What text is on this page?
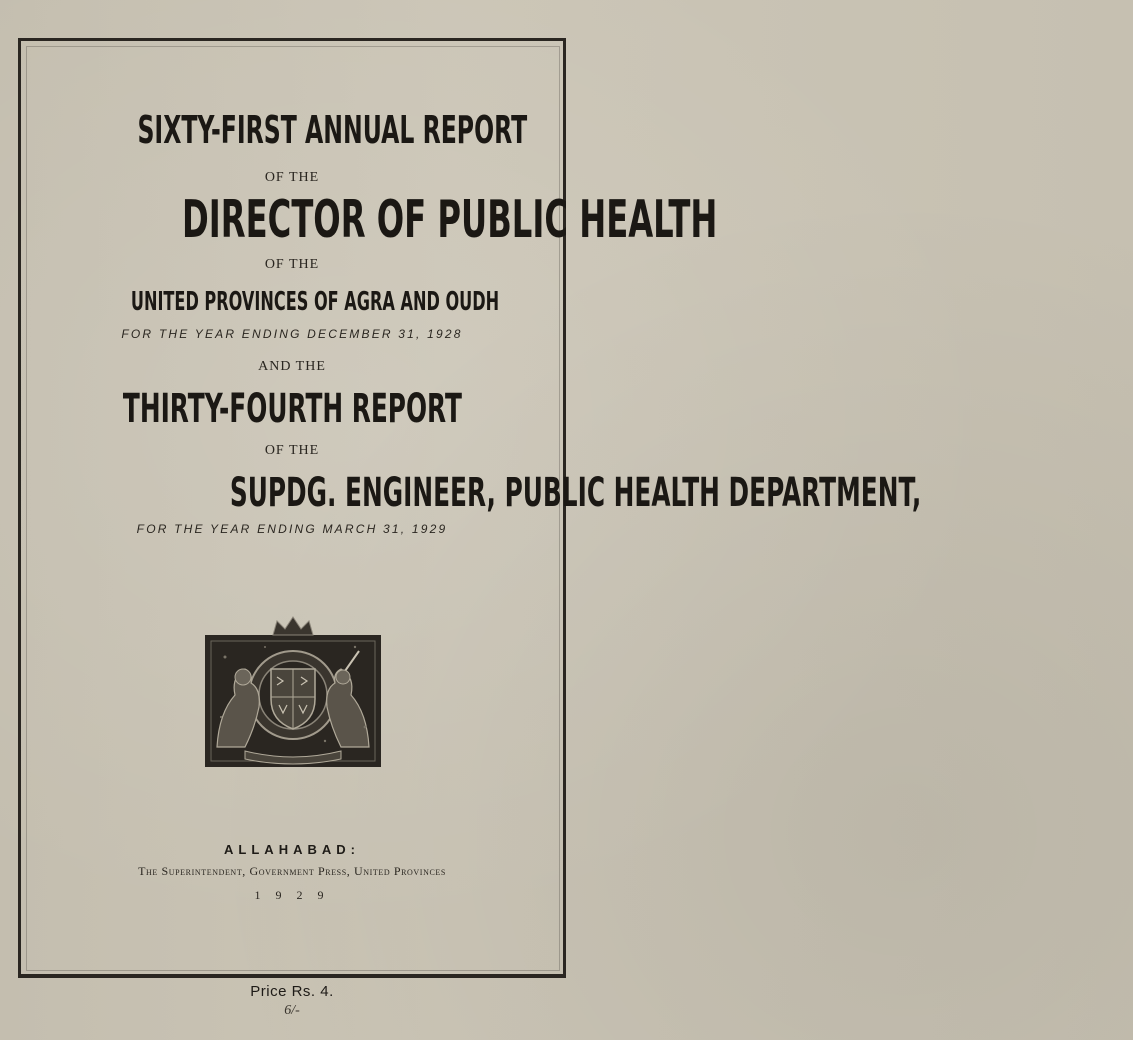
SIXTY-FIRST ANNUAL REPORT
OF THE
DIRECTOR OF PUBLIC HEALTH
OF THE
UNITED PROVINCES OF AGRA AND OUDH
FOR THE YEAR ENDING DECEMBER 31, 1928
AND THE
THIRTY-FOURTH REPORT
OF THE
SUPDG. ENGINEER, PUBLIC HEALTH DEPARTMENT,
FOR THE YEAR ENDING MARCH 31, 1929
ALLAHABAD:
The Superintendent, Government Press, United Provinces
1 9 2 9
Price Rs. 4.
6/-
